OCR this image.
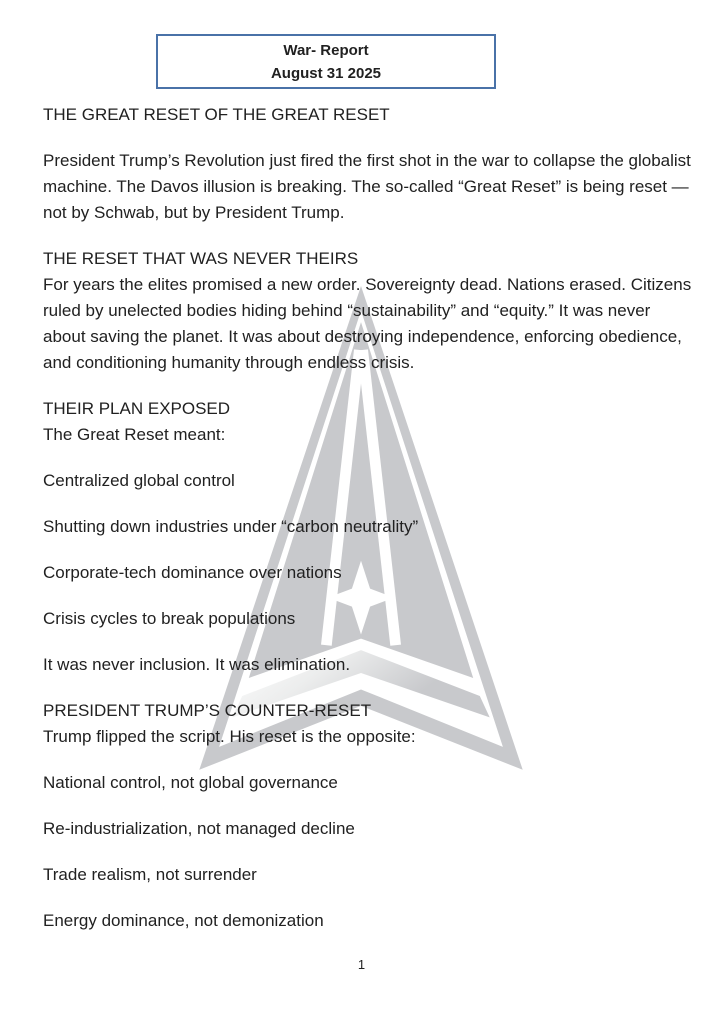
War- Report
August 31 2025
THE GREAT RESET OF THE GREAT RESET
President Trump’s Revolution just fired the first shot in the war to collapse the globalist machine. The Davos illusion is breaking. The so-called “Great Reset” is being reset — not by Schwab, but by President Trump.
THE RESET THAT WAS NEVER THEIRS
For years the elites promised a new order. Sovereignty dead. Nations erased. Citizens ruled by unelected bodies hiding behind “sustainability” and “equity.” It was never about saving the planet. It was about destroying independence, enforcing obedience, and conditioning humanity through endless crisis.
THEIR PLAN EXPOSED
The Great Reset meant:
Centralized global control
Shutting down industries under “carbon neutrality”
Corporate-tech dominance over nations
Crisis cycles to break populations
It was never inclusion. It was elimination.
PRESIDENT TRUMP’S COUNTER-RESET
Trump flipped the script. His reset is the opposite:
National control, not global governance
Re-industrialization, not managed decline
Trade realism, not surrender
Energy dominance, not demonization
1
